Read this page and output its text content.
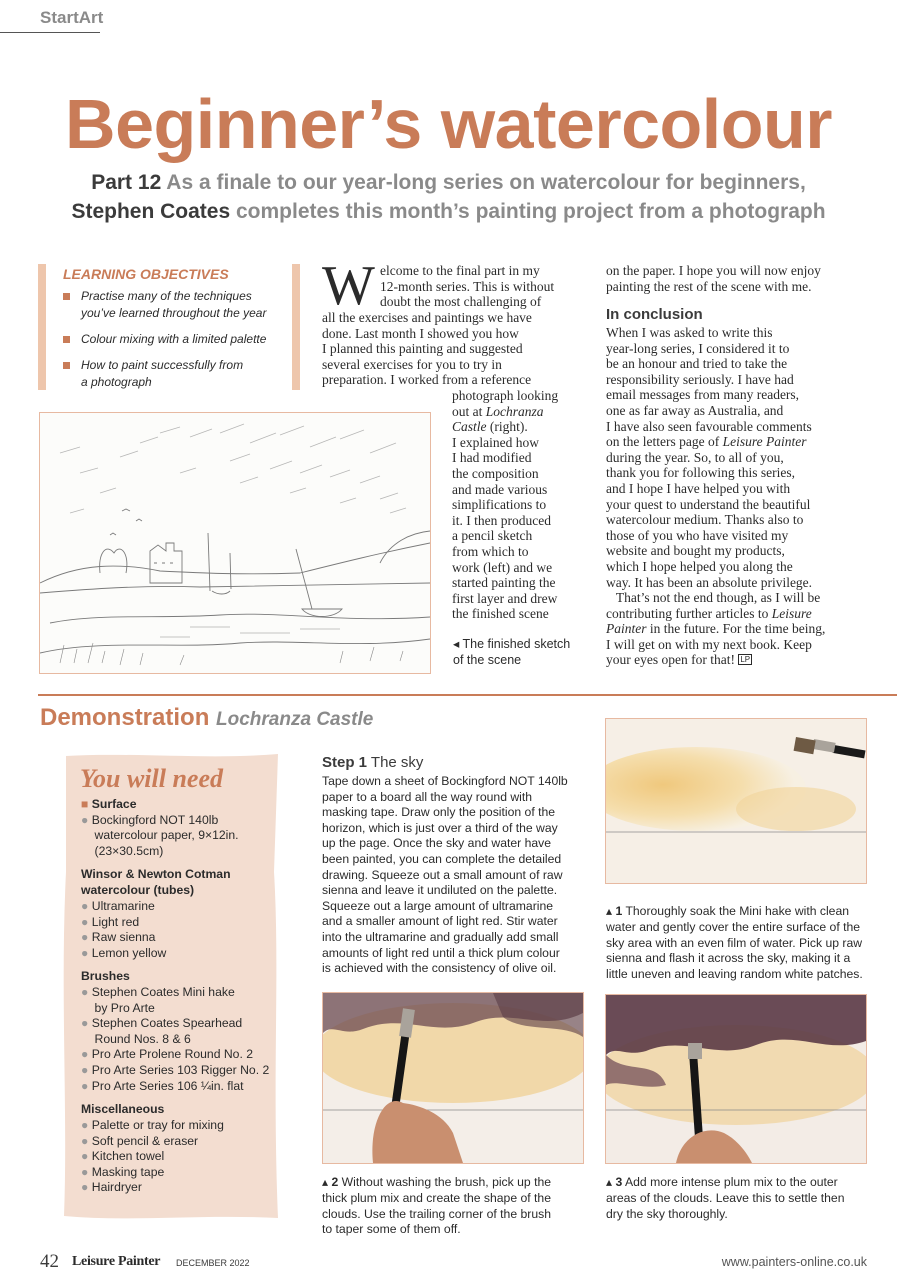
StartArt
Beginner’s watercolour
Part 12 As a finale to our year-long series on watercolour for beginners,
Stephen Coates completes this month’s painting project from a photograph
LEARNING OBJECTIVES
Practise many of the techniques
you’ve learned throughout the year
Colour mixing with a limited palette
How to paint successfully from
a photograph
W elcome to the final part in my
12-month series. This is without
doubt the most challenging of
all the exercises and paintings we have
done. Last month I showed you how
I planned this painting and suggested
several exercises for you to try in
preparation. I worked from a reference
photograph looking
out at Lochranza
Castle (right).
I explained how
I had modified
the composition
and made various
simplifications to
it. I then produced
a pencil sketch
from which to
work (left) and we
started painting the
first layer and drew
the finished scene
on the paper. I hope you will now enjoy
painting the rest of the scene with me.
In conclusion
When I was asked to write this
year-long series, I considered it to
be an honour and tried to take the
responsibility seriously. I have had
email messages from many readers,
one as far away as Australia, and
I have also seen favourable comments
on the letters page of Leisure Painter
during the year. So, to all of you,
thank you for following this series,
and I hope I have helped you with
your quest to understand the beautiful
watercolour medium. Thanks also to
those of you who have visited my
website and bought my products,
which I hope helped you along the
way. It has been an absolute privilege.
That’s not the end though, as I will be
contributing further articles to Leisure
Painter in the future. For the time being,
I will get on with my next book. Keep
your eyes open for that! LP
◂ The finished sketch
of the scene
Demonstration Lochranza Castle
You will need
■ Surface
● Bockingford NOT 140lb
watercolour paper, 9×12in.
(23×30.5cm)
Winsor & Newton Cotman
watercolour (tubes)
● Ultramarine
● Light red
● Raw sienna
● Lemon yellow
Brushes
● Stephen Coates Mini hake
by Pro Arte
● Stephen Coates Spearhead
Round Nos. 8 & 6
● Pro Arte Prolene Round No. 2
● Pro Arte Series 103 Rigger No. 2
● Pro Arte Series 106 ¼in. flat
Miscellaneous
● Palette or tray for mixing
● Soft pencil & eraser
● Kitchen towel
● Masking tape
● Hairdryer
Step 1 The sky
Tape down a sheet of Bockingford NOT 140lb
paper to a board all the way round with
masking tape. Draw only the position of the
horizon, which is just over a third of the way
up the page. Once the sky and water have
been painted, you can complete the detailed
drawing. Squeeze out a small amount of raw
sienna and leave it undiluted on the palette.
Squeeze out a large amount of ultramarine
and a smaller amount of light red. Stir water
into the ultramarine and gradually add small
amounts of light red until a thick plum colour
is achieved with the consistency of olive oil.
▴ 1 Thoroughly soak the Mini hake with clean
water and gently cover the entire surface of the
sky area with an even film of water. Pick up raw
sienna and flash it across the sky, making it a
little uneven and leaving random white patches.
▴ 2 Without washing the brush, pick up the
thick plum mix and create the shape of the
clouds. Use the trailing corner of the brush
to taper some of them off.
▴ 3 Add more intense plum mix to the outer
areas of the clouds. Leave this to settle then
dry the sky thoroughly.
42 Leisure Painter DECEMBER 2022	www.painters-online.co.uk
